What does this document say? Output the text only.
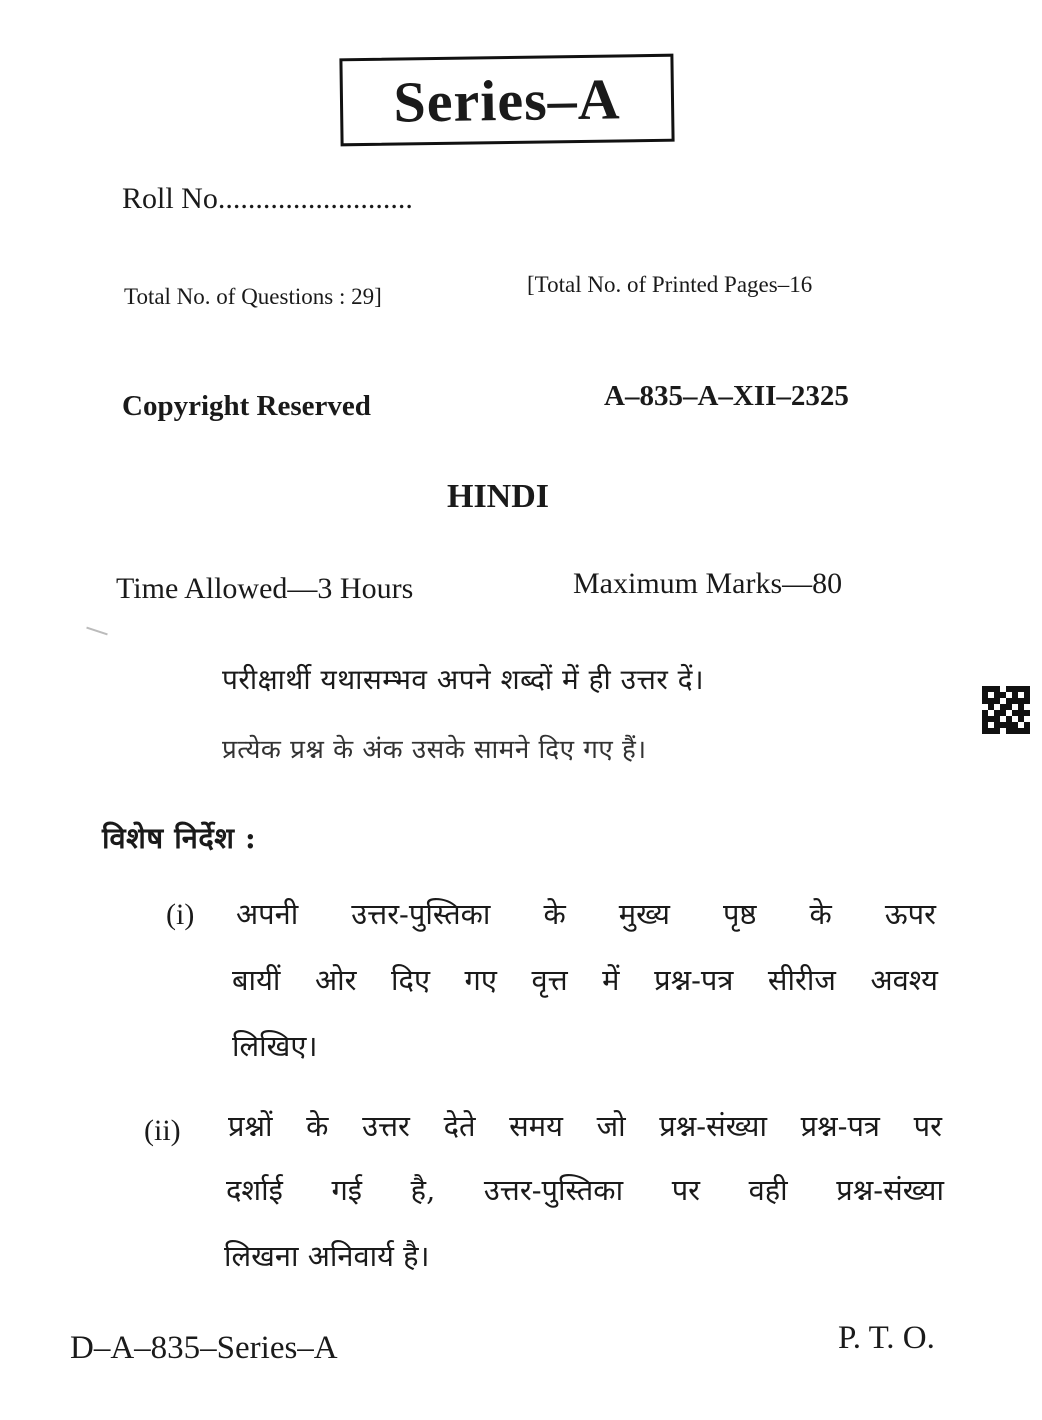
Series–A
Roll No..........................
Total No. of Questions : 29]	[Total No. of Printed Pages–16
Copyright Reserved	A–835–A–XII–2325
HINDI
Time Allowed—3 Hours	Maximum Marks—80
परीक्षार्थी यथासम्भव अपने शब्दों में ही उत्तर दें।
प्रत्येक प्रश्न के अंक उसके सामने दिए गए हैं।
विशेष निर्देश :
(i) अपनी उत्तर-पुस्तिका के मुख्य पृष्ठ के ऊपर
बायीं ओर दिए गए वृत्त में प्रश्न-पत्र सीरीज अवश्य
लिखिए।
(ii) प्रश्नों के उत्तर देते समय जो प्रश्न-संख्या प्रश्न-पत्र पर
दर्शाई गई है, उत्तर-पुस्तिका पर वही प्रश्न-संख्या
लिखना अनिवार्य है।
D–A–835–Series–A	P. T. O.
